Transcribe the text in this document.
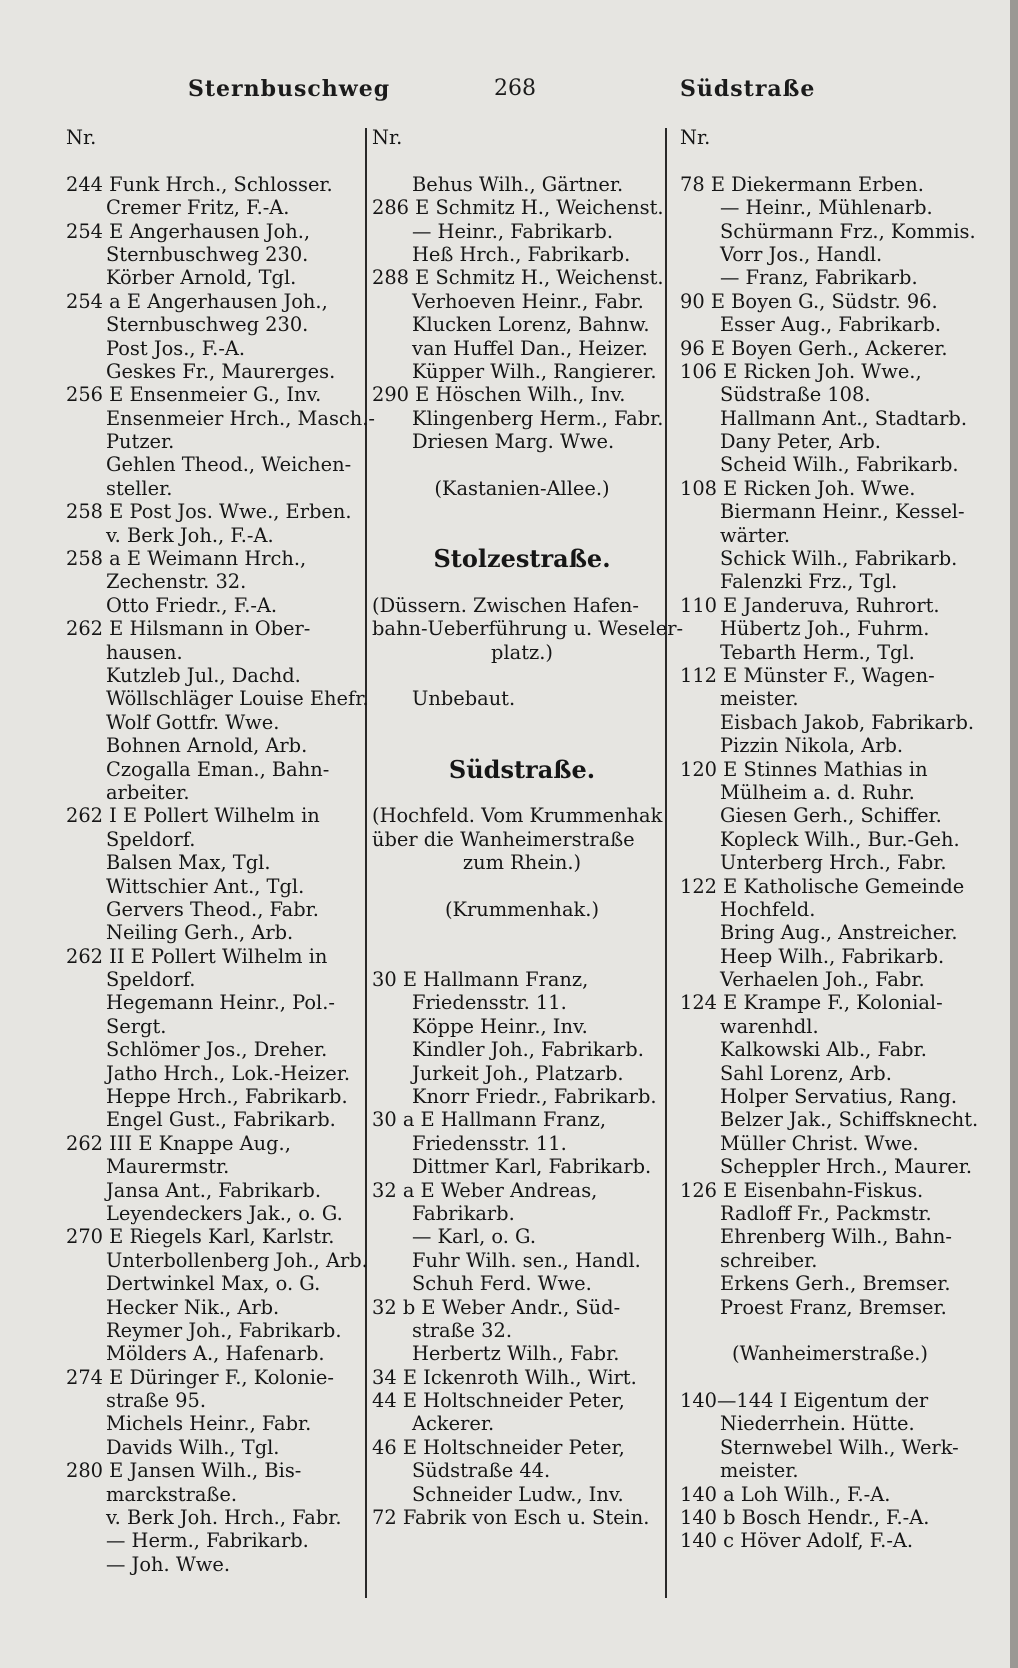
Sternbuschweg	268	Südstraße
Nr.
244 Funk Hrch., Schlosser.
Cremer Fritz, F.-A.
254 E Angerhausen Joh.,
Sternbuschweg 230.
Körber Arnold, Tgl.
254 a E Angerhausen Joh.,
Sternbuschweg 230.
Post Jos., F.-A.
Geskes Fr., Maurerges.
256 E Ensenmeier G., Inv.
Ensenmeier Hrch., Masch.-
Putzer.
Gehlen Theod., Weichen-
steller.
258 E Post Jos. Wwe., Erben.
v. Berk Joh., F.-A.
258 a E Weimann Hrch.,
Zechenstr. 32.
Otto Friedr., F.-A.
262 E Hilsmann in Ober-
hausen.
Kutzleb Jul., Dachd.
Wöllschläger Louise Ehefr.
Wolf Gottfr. Wwe.
Bohnen Arnold, Arb.
Czogalla Eman., Bahn-
arbeiter.
262 I E Pollert Wilhelm in
Speldorf.
Balsen Max, Tgl.
Wittschier Ant., Tgl.
Gervers Theod., Fabr.
Neiling Gerh., Arb.
262 II E Pollert Wilhelm in
Speldorf.
Hegemann Heinr., Pol.-
Sergt.
Schlömer Jos., Dreher.
Jatho Hrch., Lok.-Heizer.
Heppe Hrch., Fabrikarb.
Engel Gust., Fabrikarb.
262 III E Knappe Aug.,
Maurermstr.
Jansa Ant., Fabrikarb.
Leyendeckers Jak., o. G.
270 E Riegels Karl, Karlstr.
Unterbollenberg Joh., Arb.
Dertwinkel Max, o. G.
Hecker Nik., Arb.
Reymer Joh., Fabrikarb.
Mölders A., Hafenarb.
274 E Düringer F., Kolonie-
straße 95.
Michels Heinr., Fabr.
Davids Wilh., Tgl.
280 E Jansen Wilh., Bis-
marckstraße.
v. Berk Joh. Hrch., Fabr.
— Herm., Fabrikarb.
— Joh. Wwe.
Nr.
Behus Wilh., Gärtner.
286 E Schmitz H., Weichenst.
— Heinr., Fabrikarb.
Heß Hrch., Fabrikarb.
288 E Schmitz H., Weichenst.
Verhoeven Heinr., Fabr.
Klucken Lorenz, Bahnw.
van Huffel Dan., Heizer.
Küpper Wilh., Rangierer.
290 E Höschen Wilh., Inv.
Klingenberg Herm., Fabr.
Driesen Marg. Wwe.
(Kastanien-Allee.)
Stolzestraße.
(Düssern. Zwischen Hafen-
bahn-Ueberführung u. Weseler-
platz.)
Unbebaut.
Südstraße.
(Hochfeld. Vom Krummenhak
über die Wanheimerstraße
zum Rhein.)
(Krummenhak.)
30 E Hallmann Franz,
Friedensstr. 11.
Köppe Heinr., Inv.
Kindler Joh., Fabrikarb.
Jurkeit Joh., Platzarb.
Knorr Friedr., Fabrikarb.
30 a E Hallmann Franz,
Friedensstr. 11.
Dittmer Karl, Fabrikarb.
32 a E Weber Andreas,
Fabrikarb.
— Karl, o. G.
Fuhr Wilh. sen., Handl.
Schuh Ferd. Wwe.
32 b E Weber Andr., Süd-
straße 32.
Herbertz Wilh., Fabr.
34 E Ickenroth Wilh., Wirt.
44 E Holtschneider Peter,
Ackerer.
46 E Holtschneider Peter,
Südstraße 44.
Schneider Ludw., Inv.
72 Fabrik von Esch u. Stein.
Nr.
78 E Diekermann Erben.
— Heinr., Mühlenarb.
Schürmann Frz., Kommis.
Vorr Jos., Handl.
— Franz, Fabrikarb.
90 E Boyen G., Südstr. 96.
Esser Aug., Fabrikarb.
96 E Boyen Gerh., Ackerer.
106 E Ricken Joh. Wwe.,
Südstraße 108.
Hallmann Ant., Stadtarb.
Dany Peter, Arb.
Scheid Wilh., Fabrikarb.
108 E Ricken Joh. Wwe.
Biermann Heinr., Kessel-
wärter.
Schick Wilh., Fabrikarb.
Falenzki Frz., Tgl.
110 E Janderuva, Ruhrort.
Hübertz Joh., Fuhrm.
Tebarth Herm., Tgl.
112 E Münster F., Wagen-
meister.
Eisbach Jakob, Fabrikarb.
Pizzin Nikola, Arb.
120 E Stinnes Mathias in
Mülheim a. d. Ruhr.
Giesen Gerh., Schiffer.
Kopleck Wilh., Bur.-Geh.
Unterberg Hrch., Fabr.
122 E Katholische Gemeinde
Hochfeld.
Bring Aug., Anstreicher.
Heep Wilh., Fabrikarb.
Verhaelen Joh., Fabr.
124 E Krampe F., Kolonial-
warenhdl.
Kalkowski Alb., Fabr.
Sahl Lorenz, Arb.
Holper Servatius, Rang.
Belzer Jak., Schiffsknecht.
Müller Christ. Wwe.
Scheppler Hrch., Maurer.
126 E Eisenbahn-Fiskus.
Radloff Fr., Packmstr.
Ehrenberg Wilh., Bahn-
schreiber.
Erkens Gerh., Bremser.
Proest Franz, Bremser.
(Wanheimerstraße.)
140—144 I Eigentum der
Niederrhein. Hütte.
Sternwebel Wilh., Werk-
meister.
140 a Loh Wilh., F.-A.
140 b Bosch Hendr., F.-A.
140 c Höver Adolf, F.-A.
